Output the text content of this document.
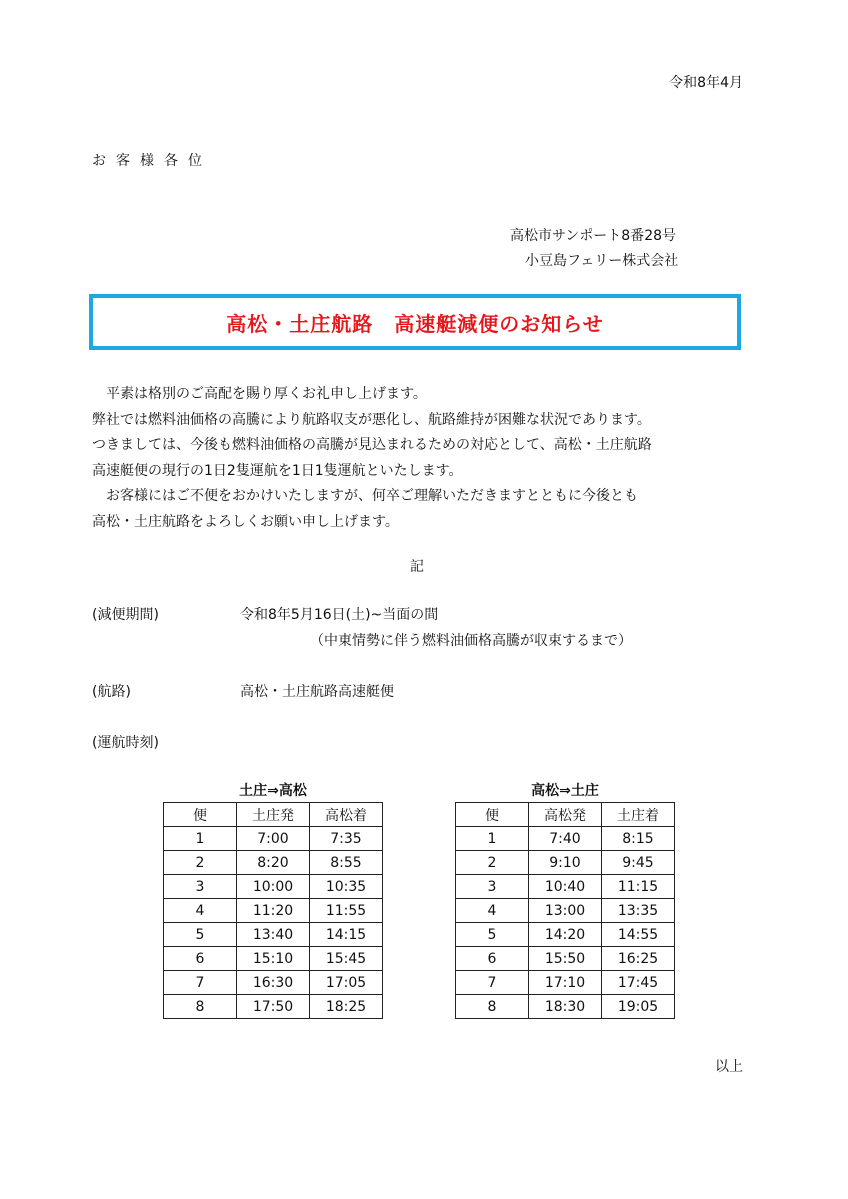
令和8年4月
お客様各位
高松市サンポート8番28号
小豆島フェリー株式会社
高松・土庄航路　高速艇減便のお知らせ
　平素は格別のご高配を賜り厚くお礼申し上げます。
弊社では燃料油価格の高騰により航路収支が悪化し、航路維持が困難な状況であります。
つきましては、今後も燃料油価格の高騰が見込まれるための対応として、高松・土庄航路
高速艇便の現行の1日2隻運航を1日1隻運航といたします。
　お客様にはご不便をおかけいたしますが、何卒ご理解いただきますとともに今後とも
高松・土庄航路をよろしくお願い申し上げます。
記
(減便期間)	令和8年5月16日(土)~当面の間
（中東情勢に伴う燃料油価格高騰が収束するまで）
(航路)	高松・土庄航路高速艇便
(運航時刻)
土庄⇒高松
便	土庄発	高松着
1	7:00	7:35
2	8:20	8:55
3	10:00	10:35
4	11:20	11:55
5	13:40	14:15
6	15:10	15:45
7	16:30	17:05
8	17:50	18:25
高松⇒土庄
便	高松発	土庄着
1	7:40	8:15
2	9:10	9:45
3	10:40	11:15
4	13:00	13:35
5	14:20	14:55
6	15:50	16:25
7	17:10	17:45
8	18:30	19:05
以上
